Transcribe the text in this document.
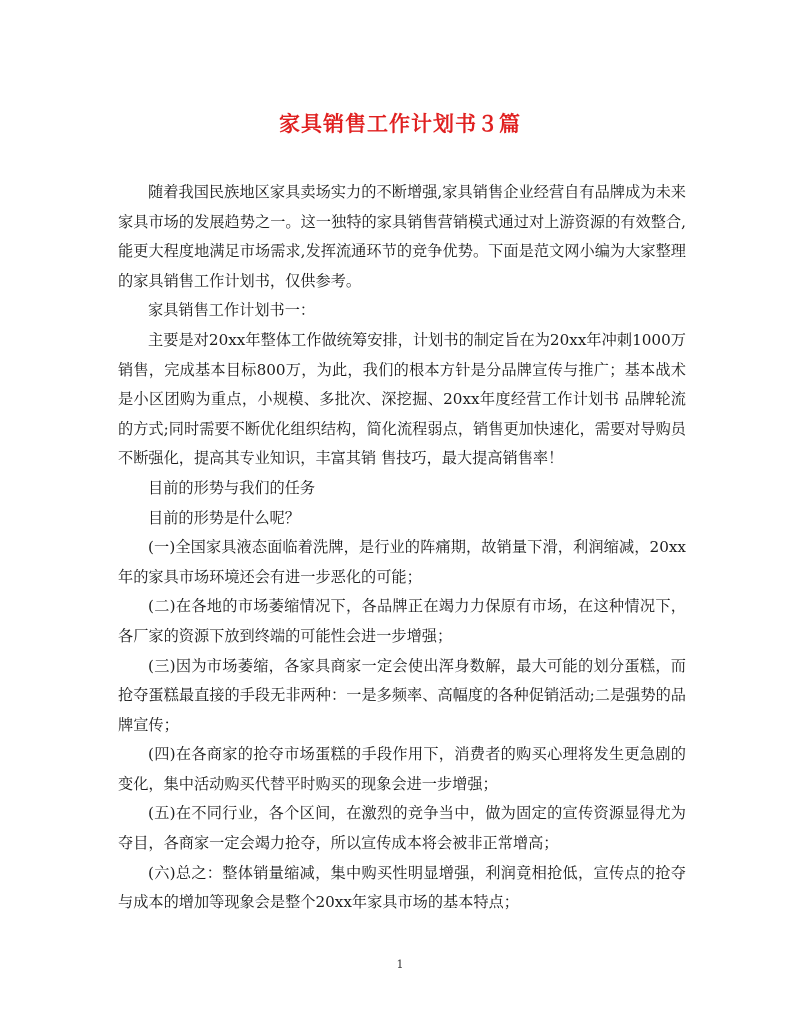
家具销售工作计划书３篇

随着我国民族地区家具卖场实力的不断增强,家具销售企业经营自有品牌成为未来家具市场的发展趋势之一。这一独特的家具销售营销模式通过对上游资源的有效整合,能更大程度地满足市场需求,发挥流通环节的竞争优势。下面是范文网小编为大家整理的家具销售工作计划书，仅供参考。

家具销售工作计划书一：

主要是对20xx年整体工作做统筹安排，计划书的制定旨在为20xx年冲刺1000万销售，完成基本目标800万，为此，我们的根本方针是分品牌宣传与推广；基本战术是小区团购为重点，小规模、多批次、深挖掘、20xx年度经营工作计划书 品牌轮流的方式;同时需要不断优化组织结构，简化流程弱点，销售更加快速化，需要对导购员不断强化，提高其专业知识，丰富其销 售技巧，最大提高销售率！

目前的形势与我们的任务

目前的形势是什么呢？

(一)全国家具液态面临着洗牌，是行业的阵痛期，故销量下滑，利润缩减，20xx年的家具市场环境还会有进一步恶化的可能；

(二)在各地的市场萎缩情况下，各品牌正在竭力力保原有市场，在这种情况下，各厂家的资源下放到终端的可能性会进一步增强；

(三)因为市场萎缩，各家具商家一定会使出浑身数解，最大可能的划分蛋糕，而抢夺蛋糕最直接的手段无非两种：一是多频率、高幅度的各种促销活动;二是强势的品牌宣传；

(四)在各商家的抢夺市场蛋糕的手段作用下，消费者的购买心理将发生更急剧的变化，集中活动购买代替平时购买的现象会进一步增强；

(五)在不同行业，各个区间，在激烈的竞争当中，做为固定的宣传资源显得尤为夺目，各商家一定会竭力抢夺，所以宣传成本将会被非正常增高；

(六)总之：整体销量缩减，集中购买性明显增强，利润竟相抢低，宣传点的抢夺与成本的增加等现象会是整个20xx年家具市场的基本特点；

1
